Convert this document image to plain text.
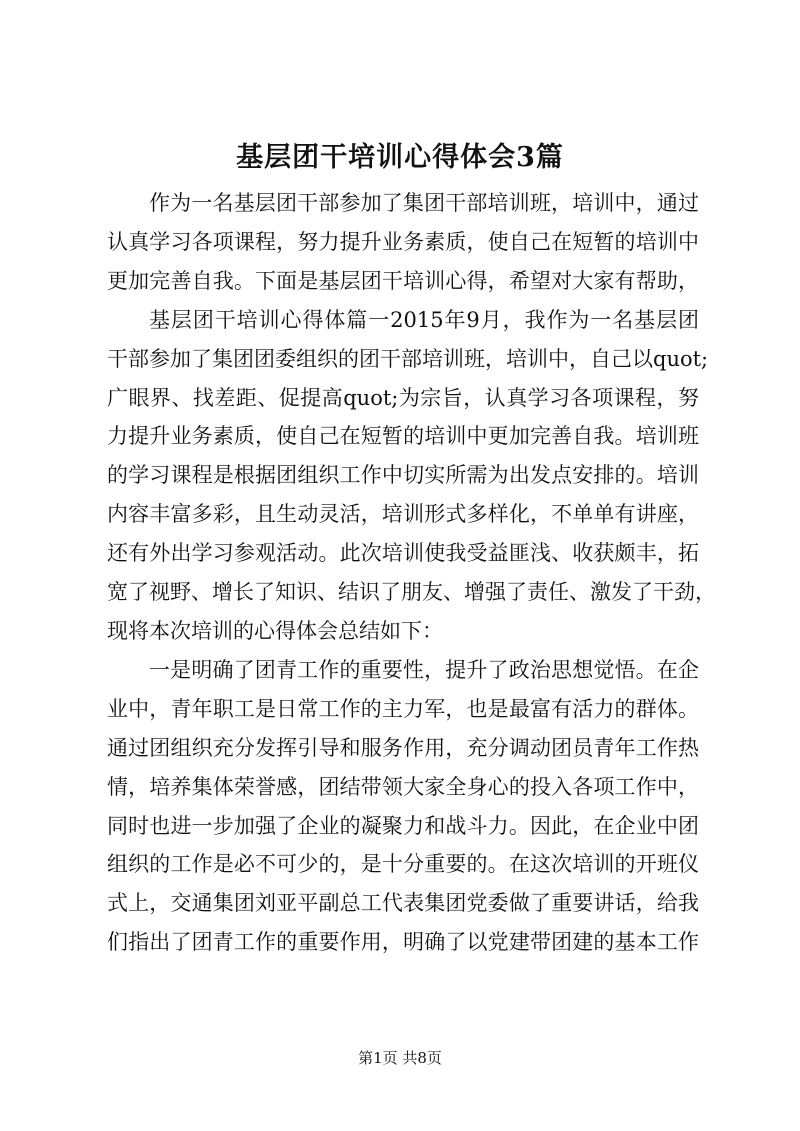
基层团干培训心得体会3篇
作为一名基层团干部参加了集团干部培训班，培训中，通过
认真学习各项课程，努力提升业务素质，使自己在短暂的培训中
更加完善自我。下面是基层团干培训心得，希望对大家有帮助，
基层团干培训心得体篇一2015年9月，我作为一名基层团
干部参加了集团团委组织的团干部培训班，培训中，自己以quot;
广眼界、找差距、促提高quot;为宗旨，认真学习各项课程，努
力提升业务素质，使自己在短暂的培训中更加完善自我。培训班
的学习课程是根据团组织工作中切实所需为出发点安排的。培训
内容丰富多彩，且生动灵活，培训形式多样化，不单单有讲座，
还有外出学习参观活动。此次培训使我受益匪浅、收获颇丰，拓
宽了视野、增长了知识、结识了朋友、增强了责任、激发了干劲，
现将本次培训的心得体会总结如下：
一是明确了团青工作的重要性，提升了政治思想觉悟。在企
业中，青年职工是日常工作的主力军，也是最富有活力的群体。
通过团组织充分发挥引导和服务作用，充分调动团员青年工作热
情，培养集体荣誉感，团结带领大家全身心的投入各项工作中，
同时也进一步加强了企业的凝聚力和战斗力。因此，在企业中团
组织的工作是必不可少的，是十分重要的。在这次培训的开班仪
式上，交通集团刘亚平副总工代表集团党委做了重要讲话，给我
们指出了团青工作的重要作用，明确了以党建带团建的基本工作
第1页 共8页
